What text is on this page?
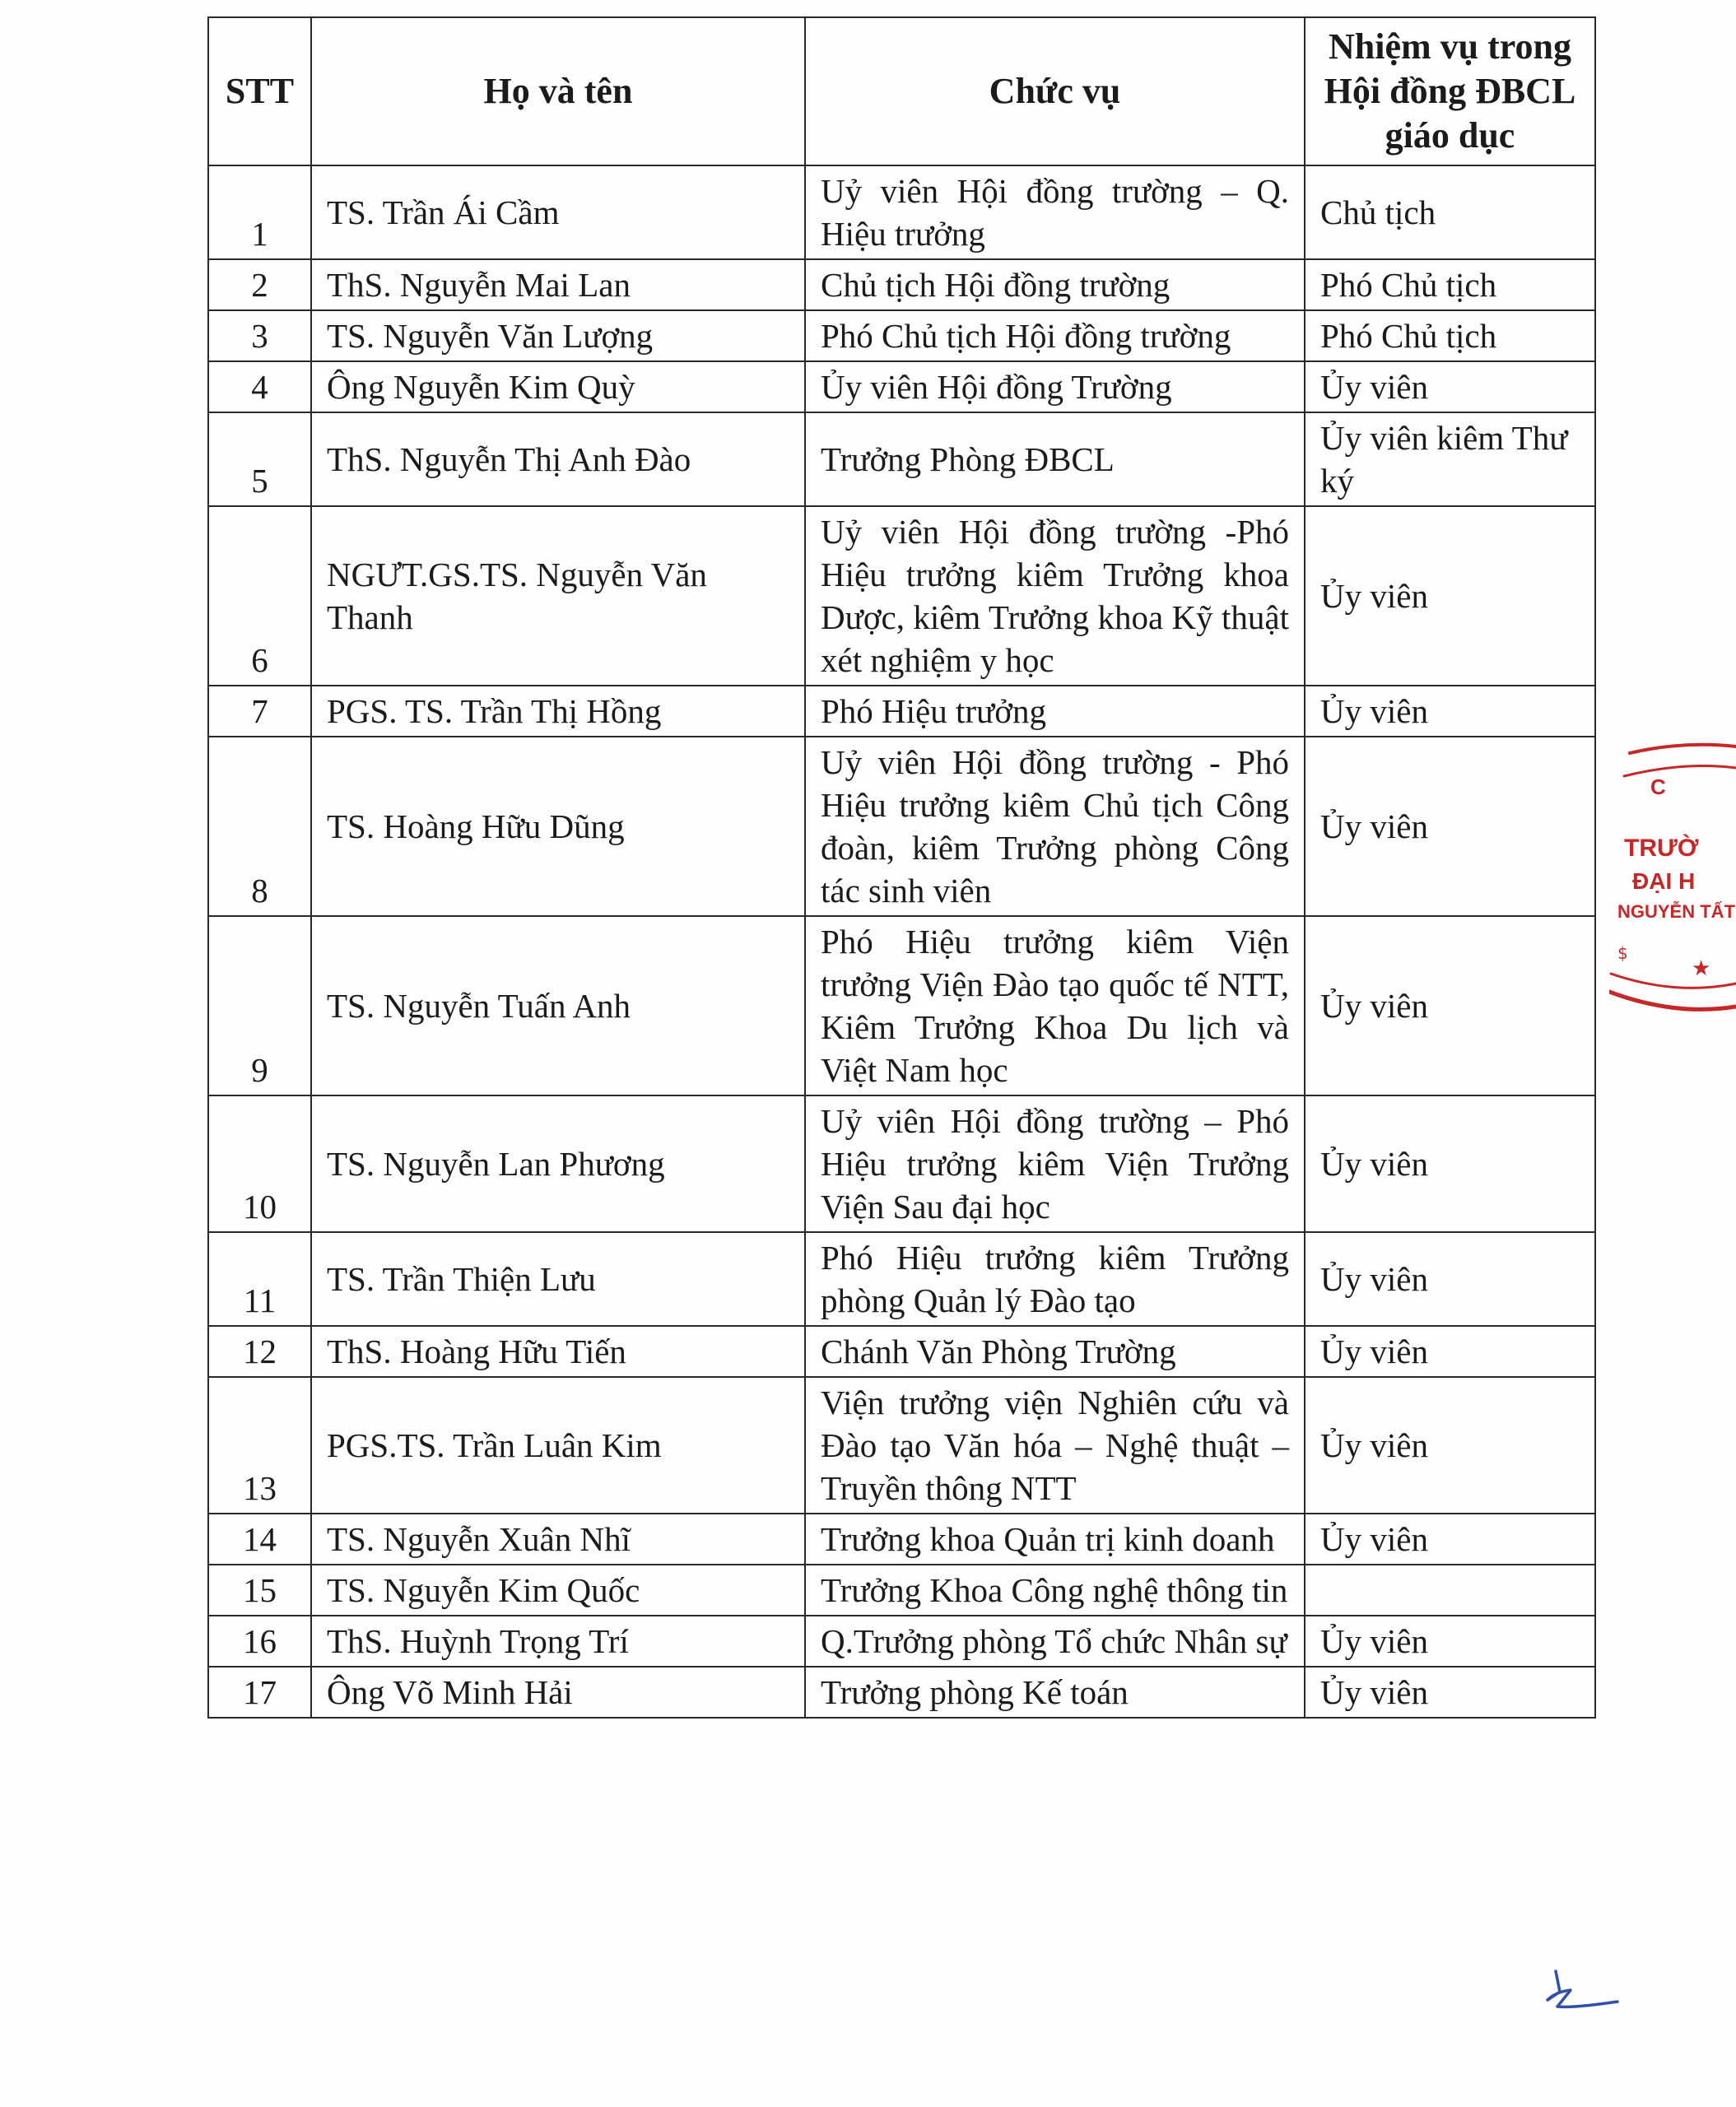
STT	Họ và tên	Chức vụ	Nhiệm vụ trong Hội đồng ĐBCL giáo dục
1	TS. Trần Ái Cầm	Uỷ viên Hội đồng trường – Q. Hiệu trưởng	Chủ tịch
2	ThS. Nguyễn Mai Lan	Chủ tịch Hội đồng trường	Phó Chủ tịch
3	TS. Nguyễn Văn Lượng	Phó Chủ tịch Hội đồng trường	Phó Chủ tịch
4	Ông Nguyễn Kim Quỳ	Ủy viên Hội đồng Trường	Ủy viên
5	ThS. Nguyễn Thị Anh Đào	Trưởng Phòng ĐBCL	Ủy viên kiêm Thư ký
6	NGƯT.GS.TS. Nguyễn Văn Thanh	Uỷ viên Hội đồng trường -Phó Hiệu trưởng kiêm Trưởng khoa Dược, kiêm Trưởng khoa Kỹ thuật xét nghiệm y học	Ủy viên
7	PGS. TS. Trần Thị Hồng	Phó Hiệu trưởng	Ủy viên
8	TS. Hoàng Hữu Dũng	Uỷ viên Hội đồng trường - Phó Hiệu trưởng kiêm Chủ tịch Công đoàn, kiêm Trưởng phòng Công tác sinh viên	Ủy viên
9	TS. Nguyễn Tuấn Anh	Phó Hiệu trưởng kiêm Viện trưởng Viện Đào tạo quốc tế NTT, Kiêm Trưởng Khoa Du lịch và Việt Nam học	Ủy viên
10	TS. Nguyễn Lan Phương	Uỷ viên Hội đồng trường – Phó Hiệu trưởng kiêm Viện Trưởng Viện Sau đại học	Ủy viên
11	TS. Trần Thiện Lưu	Phó Hiệu trưởng kiêm Trưởng phòng Quản lý Đào tạo	Ủy viên
12	ThS. Hoàng Hữu Tiến	Chánh Văn Phòng Trường	Ủy viên
13	PGS.TS. Trần Luân Kim	Viện trưởng viện Nghiên cứu và Đào tạo Văn hóa – Nghệ thuật – Truyền thông NTT	Ủy viên
14	TS. Nguyễn Xuân Nhĩ	Trưởng khoa Quản trị kinh doanh	Ủy viên
15	TS. Nguyễn Kim Quốc	Trưởng Khoa Công nghệ thông tin	
16	ThS. Huỳnh Trọng Trí	Q.Trưởng phòng Tổ chức Nhân sự	Ủy viên
17	Ông Võ Minh Hải	Trưởng phòng Kế toán	Ủy viên
C
TRƯỜ
ĐẠI H
NGUYỄN TẤT
★
$
